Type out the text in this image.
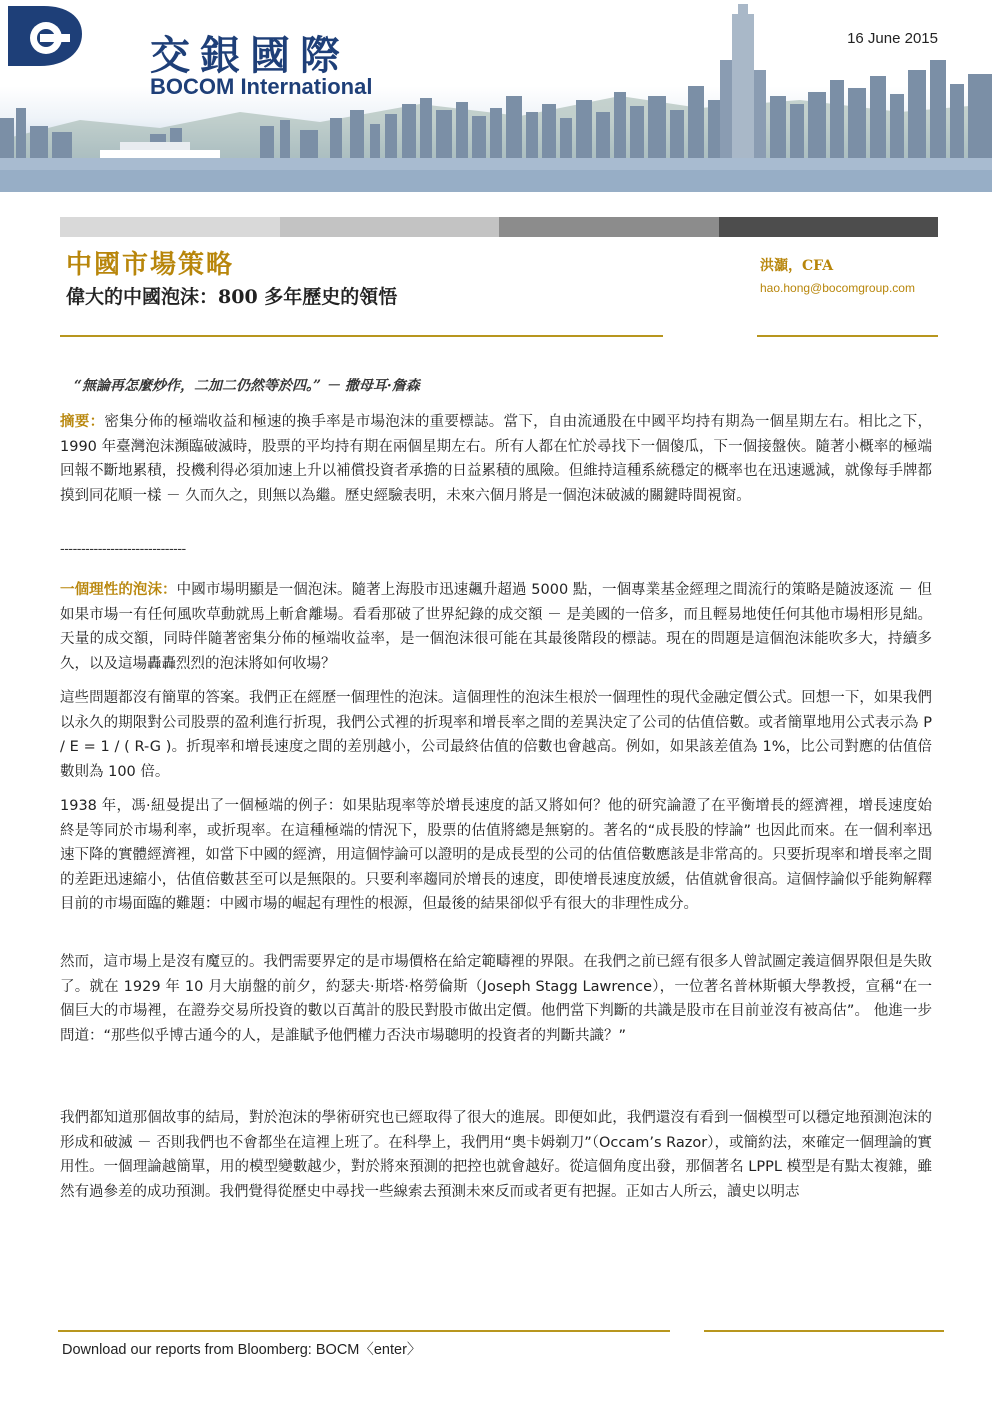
交銀國際
BOCOM International
16 June 2015
中國市場策略
偉大的中國泡沫：800 多年歷史的領悟
洪灝，CFA
hao.hong@bocomgroup.com
“無論再怎麼炒作，二加二仍然等於四。” － 撒母耳·詹森
摘要：密集分佈的極端收益和極速的換手率是市場泡沫的重要標誌。當下，自由流通股在中國平均持有期為一個星期左右。相比之下，1990 年臺灣泡沫瀕臨破滅時，股票的平均持有期在兩個星期左右。所有人都在忙於尋找下一個傻瓜，下一個接盤俠。隨著小概率的極端回報不斷地累積，投機利得必須加速上升以補償投資者承擔的日益累積的風險。但維持這種系統穩定的概率也在迅速遞減，就像每手牌都摸到同花順一樣 － 久而久之，則無以為繼。歷史經驗表明，未來六個月將是一個泡沫破滅的關鍵時間視窗。
------------------------------
一個理性的泡沫：中國市場明顯是一個泡沫。隨著上海股市迅速飆升超過 5000 點，一個專業基金經理之間流行的策略是隨波逐流 － 但如果市場一有任何風吹草動就馬上斬倉離場。看看那破了世界紀錄的成交額 － 是美國的一倍多，而且輕易地使任何其他市場相形見絀。天量的成交額，同時伴隨著密集分佈的極端收益率，是一個泡沫很可能在其最後階段的標誌。現在的問題是這個泡沫能吹多大，持續多久，以及這場轟轟烈烈的泡沫將如何收場？
這些問題都沒有簡單的答案。我們正在經歷一個理性的泡沫。這個理性的泡沫生根於一個理性的現代金融定價公式。回想一下，如果我們以永久的期限對公司股票的盈利進行折現，我們公式裡的折現率和增長率之間的差異決定了公司的估值倍數。或者簡單地用公式表示為 P / E = 1 / ( R-G )。折現率和增長速度之間的差別越小，公司最終估值的倍數也會越高。例如，如果該差值為 1%，比公司對應的估值倍數則為 100 倍。
1938 年，馮·紐曼提出了一個極端的例子：如果貼現率等於增長速度的話又將如何？他的研究論證了在平衡增長的經濟裡，增長速度始終是等同於市場利率，或折現率。在這種極端的情況下，股票的估值將總是無窮的。著名的“成長股的悖論” 也因此而來。在一個利率迅速下降的實體經濟裡，如當下中國的經濟，用這個悖論可以證明的是成長型的公司的估值倍數應該是非常高的。只要折現率和增長率之間的差距迅速縮小，估值倍數甚至可以是無限的。只要利率趨同於增長的速度，即使增長速度放緩，估值就會很高。這個悖論似乎能夠解釋目前的市場面臨的難題：中國市場的崛起有理性的根源，但最後的結果卻似乎有很大的非理性成分。
然而，這市場上是沒有魔豆的。我們需要界定的是市場價格在給定範疇裡的界限。在我們之前已經有很多人曾試圖定義這個界限但是失敗了。就在 1929 年 10 月大崩盤的前夕，約瑟夫·斯塔·格勞倫斯（Joseph Stagg Lawrence），一位著名普林斯頓大學教授，宣稱“在一個巨大的市場裡，在證券交易所投資的數以百萬計的股民對股市做出定價。他們當下判斷的共識是股市在目前並沒有被高估”。 他進一步問道：“那些似乎博古通今的人，是誰賦予他們權力否決市場聰明的投資者的判斷共識？”
我們都知道那個故事的結局，對於泡沫的學術研究也已經取得了很大的進展。即便如此，我們還沒有看到一個模型可以穩定地預測泡沫的形成和破滅 － 否則我們也不會都坐在這裡上班了。在科學上，我們用“奧卡姆剃刀”（Occam’s Razor），或簡約法，來確定一個理論的實用性。一個理論越簡單，用的模型變數越少，對於將來預測的把控也就會越好。從這個角度出發，那個著名 LPPL 模型是有點太複雜，雖然有過參差的成功預測。我們覺得從歷史中尋找一些線索去預測未來反而或者更有把握。正如古人所云，讀史以明志
Download our reports from Bloomberg: BOCM〈enter〉
